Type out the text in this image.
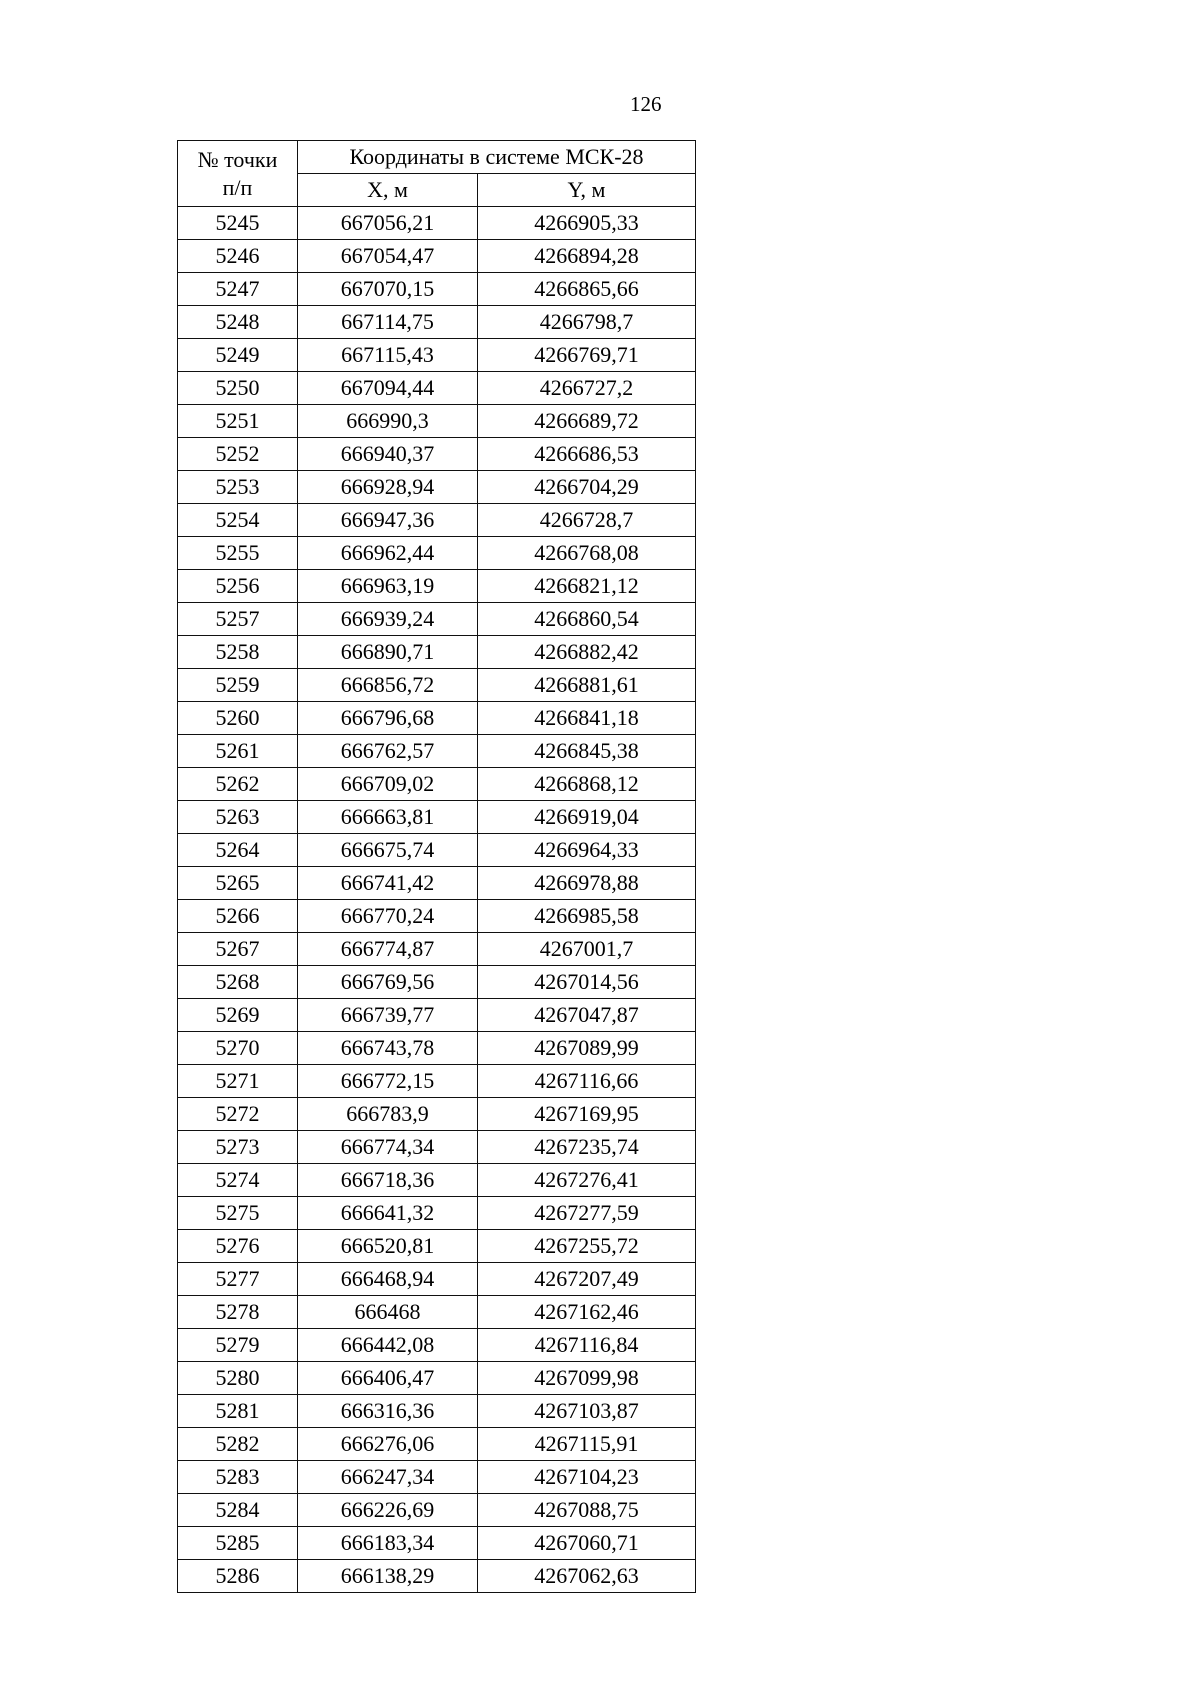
126
№ точки
п/п	Координаты в системе МСК-28	
	X, м	Y, м
5245	667056,21	4266905,33
5246	667054,47	4266894,28
5247	667070,15	4266865,66
5248	667114,75	4266798,7
5249	667115,43	4266769,71
5250	667094,44	4266727,2
5251	666990,3	4266689,72
5252	666940,37	4266686,53
5253	666928,94	4266704,29
5254	666947,36	4266728,7
5255	666962,44	4266768,08
5256	666963,19	4266821,12
5257	666939,24	4266860,54
5258	666890,71	4266882,42
5259	666856,72	4266881,61
5260	666796,68	4266841,18
5261	666762,57	4266845,38
5262	666709,02	4266868,12
5263	666663,81	4266919,04
5264	666675,74	4266964,33
5265	666741,42	4266978,88
5266	666770,24	4266985,58
5267	666774,87	4267001,7
5268	666769,56	4267014,56
5269	666739,77	4267047,87
5270	666743,78	4267089,99
5271	666772,15	4267116,66
5272	666783,9	4267169,95
5273	666774,34	4267235,74
5274	666718,36	4267276,41
5275	666641,32	4267277,59
5276	666520,81	4267255,72
5277	666468,94	4267207,49
5278	666468	4267162,46
5279	666442,08	4267116,84
5280	666406,47	4267099,98
5281	666316,36	4267103,87
5282	666276,06	4267115,91
5283	666247,34	4267104,23
5284	666226,69	4267088,75
5285	666183,34	4267060,71
5286	666138,29	4267062,63
